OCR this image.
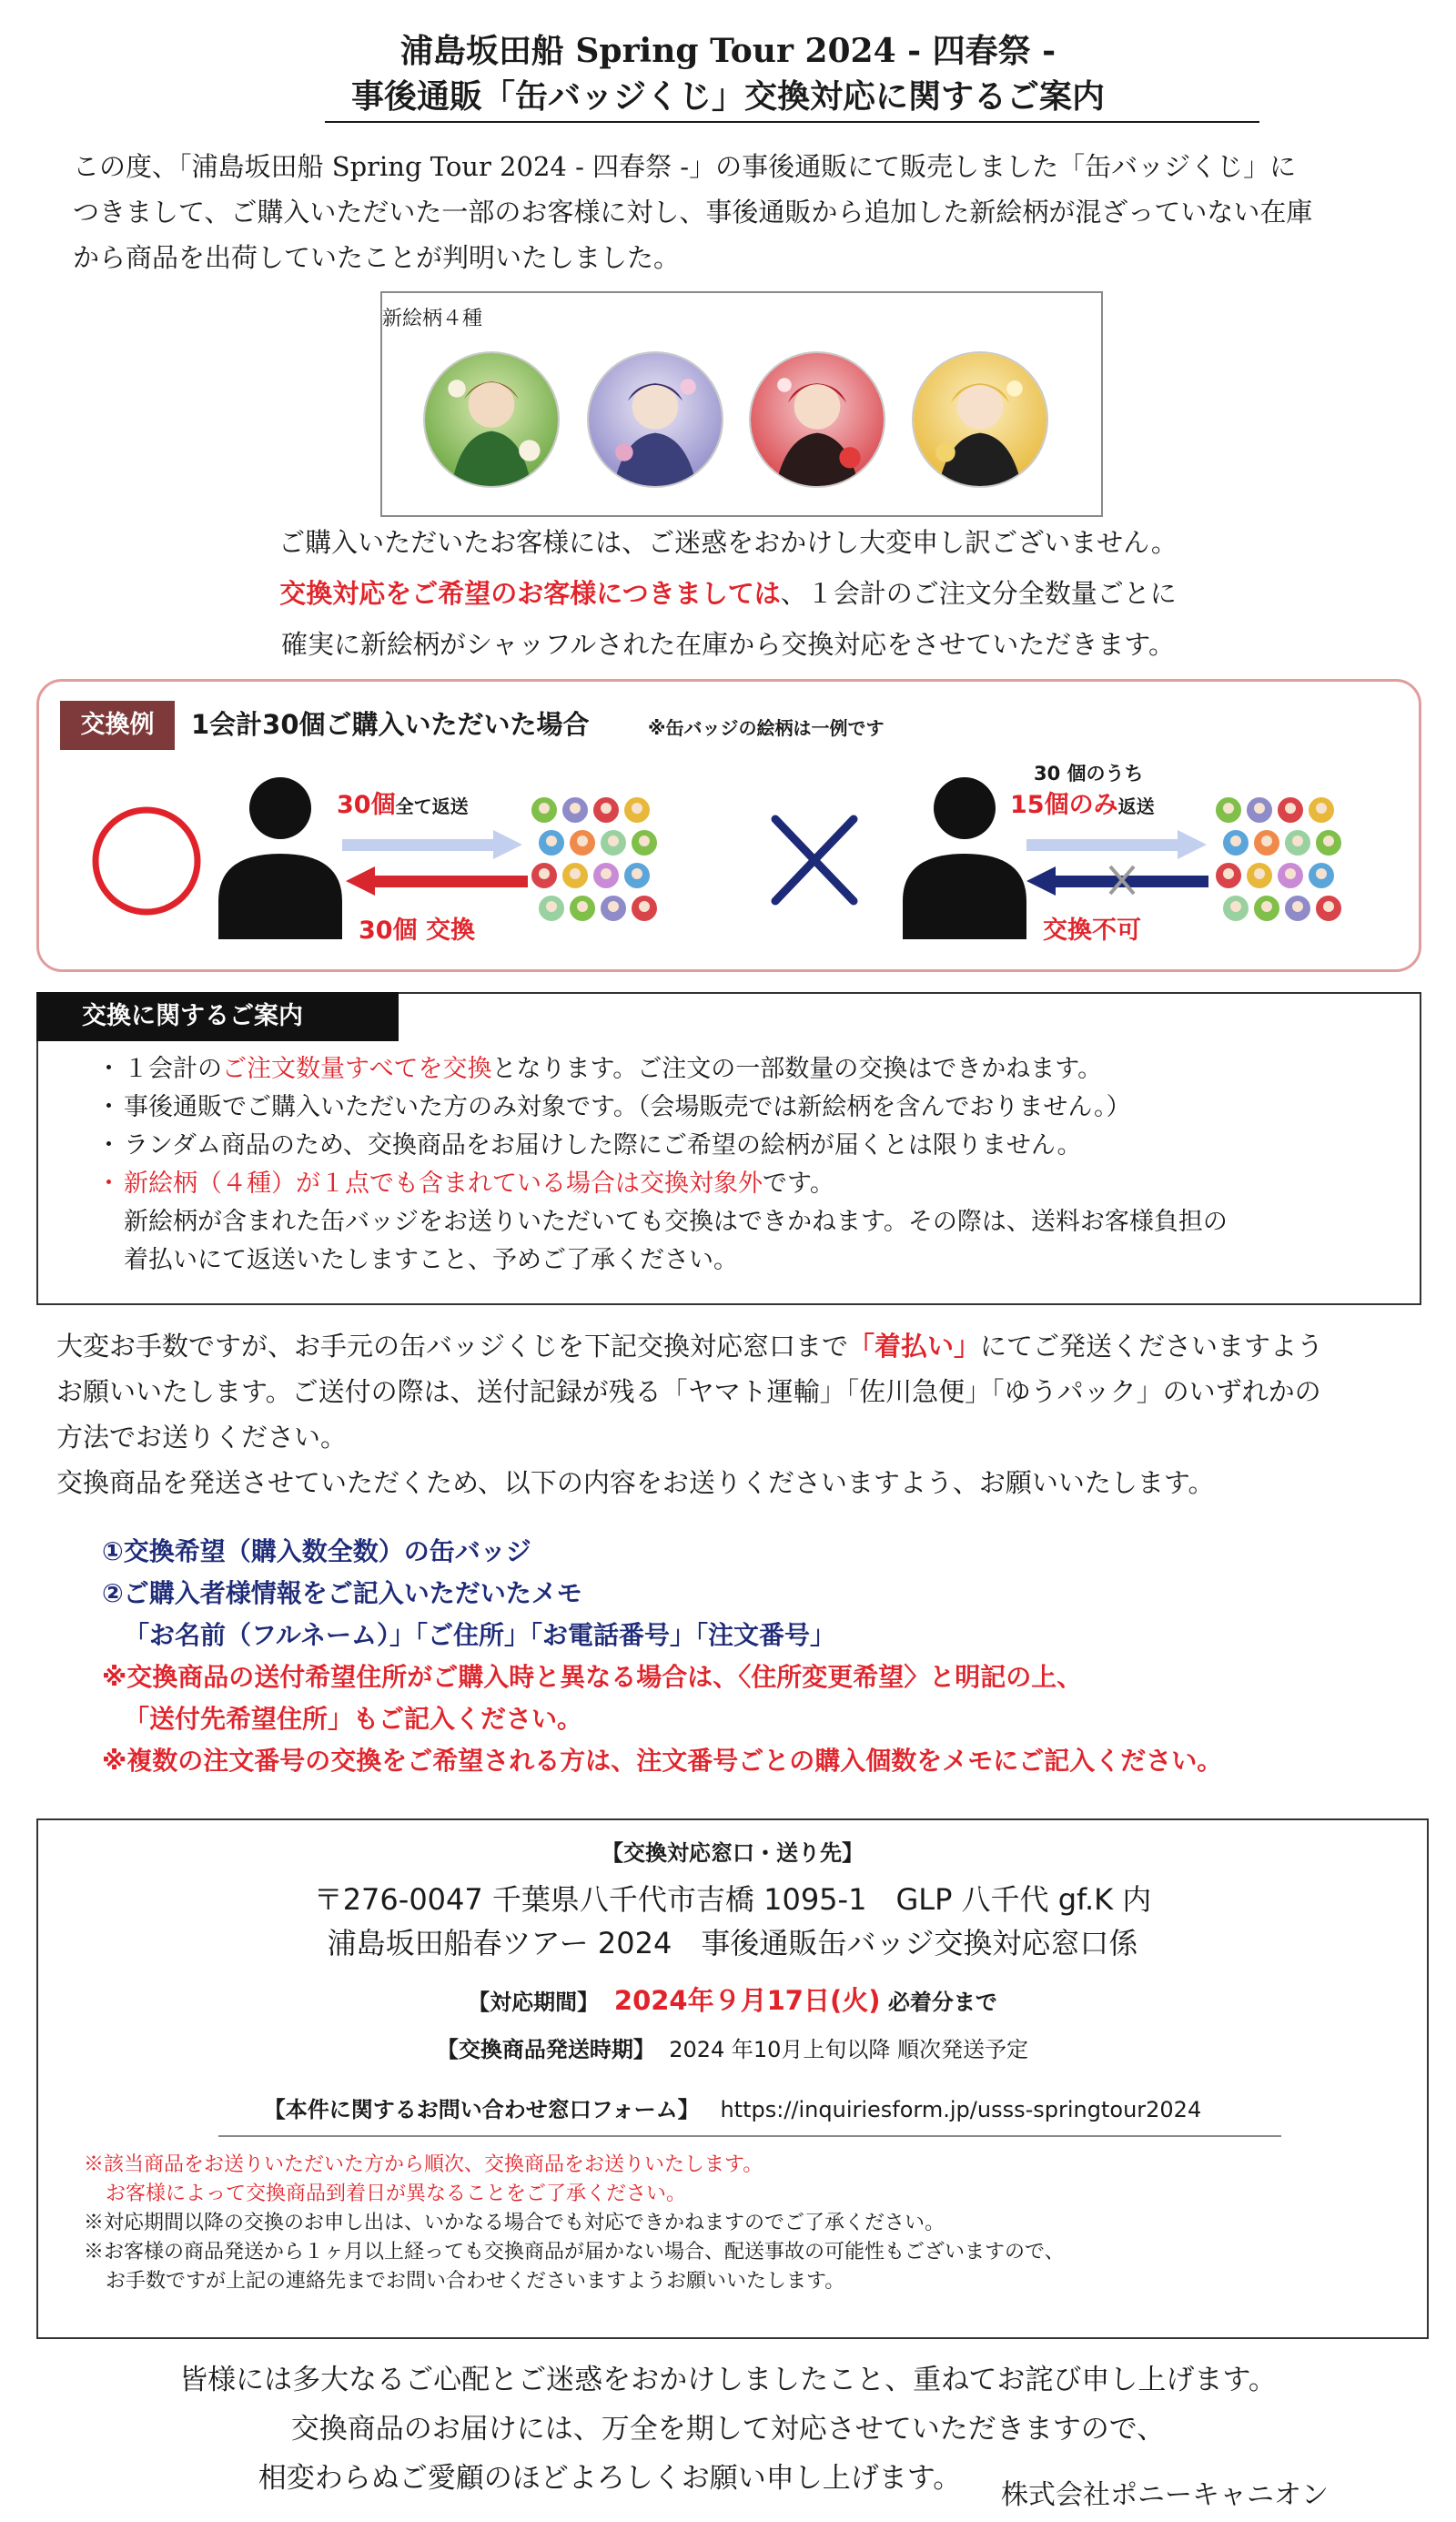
浦島坂田船 Spring Tour 2024 - 四春祭 -
事後通販「缶バッジくじ」交換対応に関するご案内
この度、「浦島坂田船 Spring Tour 2024 - 四春祭 -」の事後通販にて販売しました「缶バッジくじ」に
つきまして、ご購入いただいた一部のお客様に対し、事後通販から追加した新絵柄が混ざっていない在庫
から商品を出荷していたことが判明いたしました。
新絵柄４種
ご購入いただいたお客様には、ご迷惑をおかけし大変申し訳ございません。
交換対応をご希望のお客様につきましては、１会計のご注文分全数量ごとに
確実に新絵柄がシャッフルされた在庫から交換対応をさせていただきます。
交換例	1会計30個ご購入いただいた場合	※缶バッジの絵柄は一例です
30個全て返送
30個 交換
30 個のうち
15個のみ返送
交換不可
交換に関するご案内
・ １会計のご注文数量すべてを交換となります。ご注文の一部数量の交換はできかねます。
・ 事後通販でご購入いただいた方のみ対象です。（会場販売では新絵柄を含んでおりません。）
・ ランダム商品のため、交換商品をお届けした際にご希望の絵柄が届くとは限りません。
・ 新絵柄（４種）が１点でも含まれている場合は交換対象外です。
新絵柄が含まれた缶バッジをお送りいただいても交換はできかねます。その際は、送料お客様負担の
着払いにて返送いたしますこと、予めご了承ください。
大変お手数ですが、お手元の缶バッジくじを下記交換対応窓口まで「着払い」にてご発送くださいますよう
お願いいたします。ご送付の際は、送付記録が残る「ヤマト運輸」「佐川急便」「ゆうパック」のいずれかの
方法でお送りください。
交換商品を発送させていただくため、以下の内容をお送りくださいますよう、お願いいたします。
①交換希望（購入数全数）の缶バッジ
②ご購入者様情報をご記入いただいたメモ
「お名前（フルネーム）」「ご住所」「お電話番号」「注文番号」
※交換商品の送付希望住所がご購入時と異なる場合は、〈住所変更希望〉と明記の上、
「送付先希望住所」もご記入ください。
※複数の注文番号の交換をご希望される方は、注文番号ごとの購入個数をメモにご記入ください。
【交換対応窓口・送り先】
〒276-0047 千葉県八千代市吉橋 1095-1　GLP 八千代 gf.K 内
浦島坂田船春ツアー 2024　事後通販缶バッジ交換対応窓口係
【対応期間】 2024年９月17日(火) 必着分まで
【交換商品発送時期】 2024 年10月上旬以降 順次発送予定
【本件に関するお問い合わせ窓口フォーム】 https://inquiriesform.jp/usss-springtour2024
※該当商品をお送りいただいた方から順次、交換商品をお送りいたします。
お客様によって交換商品到着日が異なることをご了承ください。
※対応期間以降の交換のお申し出は、いかなる場合でも対応できかねますのでご了承ください。
※お客様の商品発送から１ヶ月以上経っても交換商品が届かない場合、配送事故の可能性もございますので、
お手数ですが上記の連絡先までお問い合わせくださいますようお願いいたします。
皆様には多大なるご心配とご迷惑をおかけしましたこと、重ねてお詫び申し上げます。
交換商品のお届けには、万全を期して対応させていただきますので、
相変わらぬご愛顧のほどよろしくお願い申し上げます。
株式会社ポニーキャニオン
